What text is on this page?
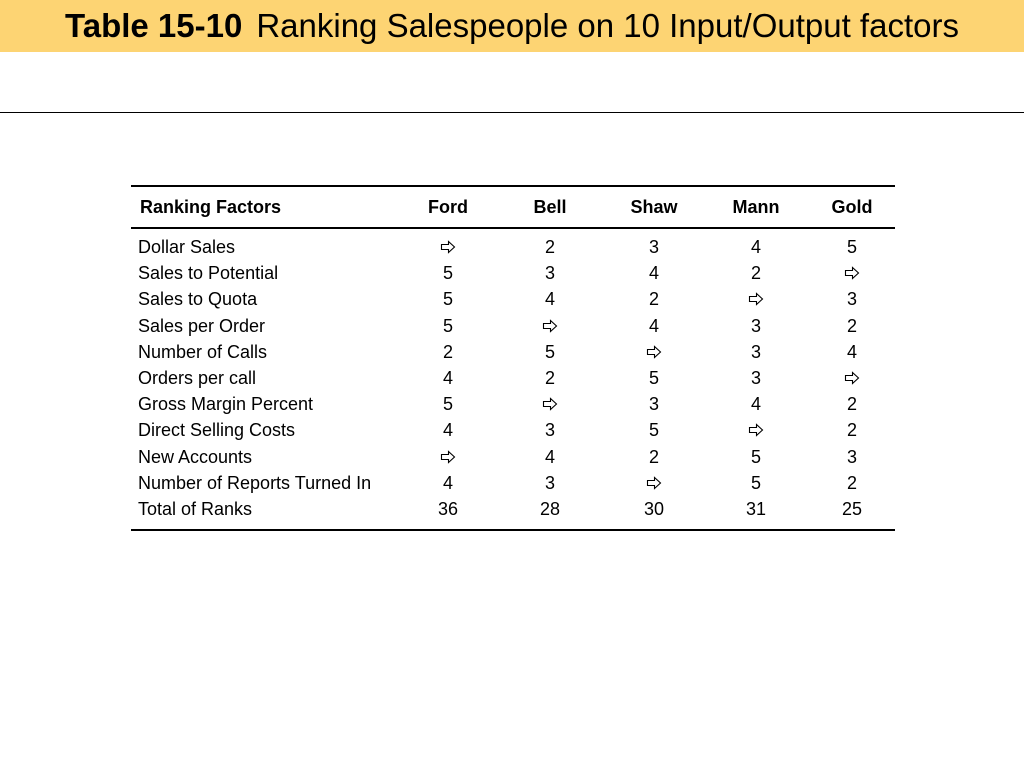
Table 15-10 Ranking Salespeople on 10 Input/Output factors
Ranking Factors	Ford	Bell	Shaw	Mann	Gold
Dollar Sales		2	3	4	5
Sales to Potential	5	3	4	2	

Sales to Quota	5	4	2		3
Sales per Order	5		4	3	2
Number of Calls	2	5		3	4
Orders per call	4	2	5	3	

Gross Margin Percent	5		3	4	2
Direct Selling Costs	4	3	5		2
New Accounts		4	2	5	3
Number of Reports Turned In	4	3		5	2
Total of Ranks	36	28	30	31	25
